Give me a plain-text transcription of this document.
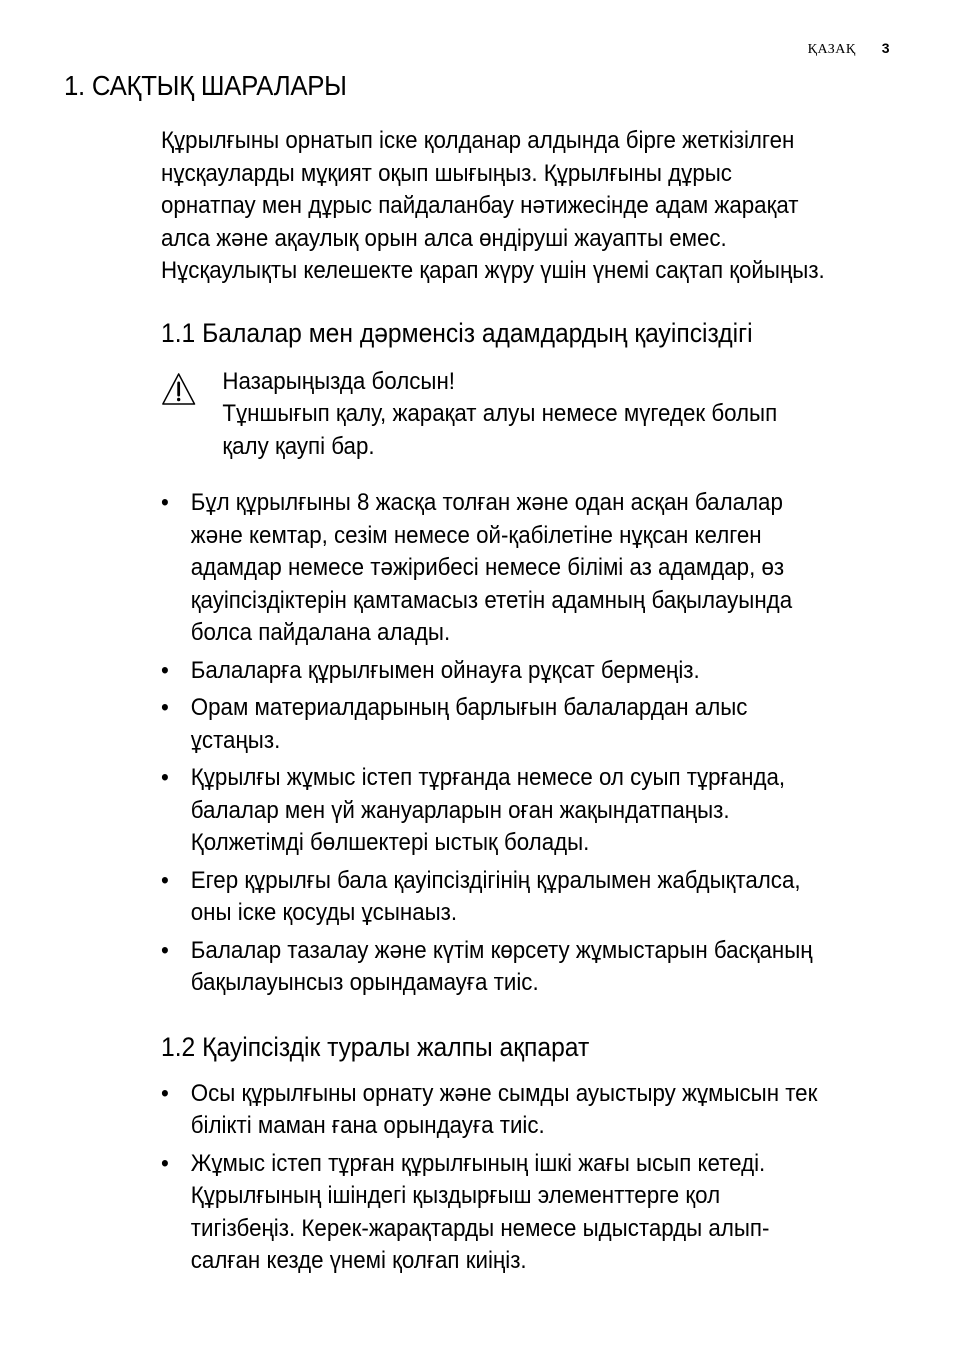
ҚАЗАҚ 3
1. САҚТЫҚ ШАРАЛАРЫ

Құрылғыны орнатып іске қолданар алдында бірге жеткізілген
нұсқауларды мұқият оқып шығыңыз. Құрылғыны дұрыс
орнатпау мен дұрыс пайдаланбау нәтижесінде адам жарақат
алса және ақаулық орын алса өндіруші жауапты емес.
Нұсқаулықты келешекте қарап жүру үшін үнемі сақтап қойыңыз.

1.1 Балалар мен дәрменсіз адамдардың қауіпсіздігі
Назарыңызда болсын!
Тұншығып қалу, жарақат алуы немесе мүгедек болып
қалу қаупі бар.
• Бұл құрылғыны 8 жасқа толған және одан асқан балалар
және кемтар, сезім немесе ой-қабілетіне нұқсан келген
адамдар немесе тәжірибесі немесе білімі аз адамдар, өз
қауіпсіздіктерін қамтамасыз ететін адамның бақылауында
болса пайдалана алады.
• Балаларға құрылғымен ойнауға рұқсат бермеңіз.
• Орам материалдарының барлығын балалардан алыс
ұстаңыз.
• Құрылғы жұмыс істеп тұрғанда немесе ол суып тұрғанда,
балалар мен үй жануарларын оған жақындатпаңыз.
Қолжетімді бөлшектері ыстық болады.
• Егер құрылғы бала қауіпсіздігінің құралымен жабдықталса,
оны іске қосуды ұсынаыз.
• Балалар тазалау және күтім көрсету жұмыстарын басқаның
бақылауынсыз орындамауға тиіс.
1.2 Қауіпсіздік туралы жалпы ақпарат
• Осы құрылғыны орнату және сымды ауыстыру жұмысын тек
білікті маман ғана орындауға тиіс.
• Жұмыс істеп тұрған құрылғының ішкі жағы ысып кетеді.
Құрылғының ішіндегі қыздырғыш элементтерге қол
тигізбеңіз. Керек-жарақтарды немесе ыдыстарды алып-
салған кезде үнемі қолғап киіңіз.
